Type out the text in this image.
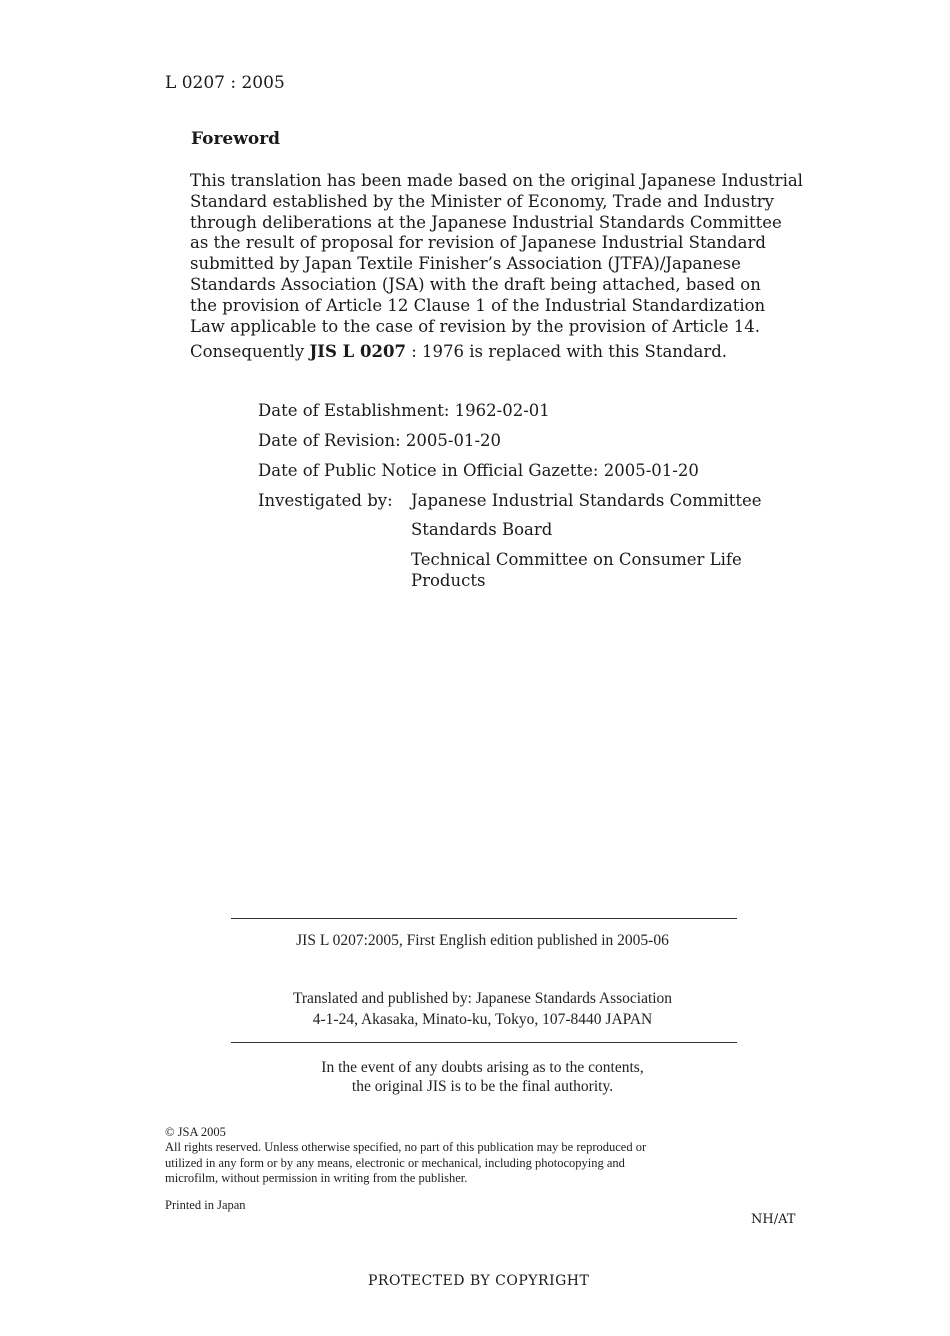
L 0207 : 2005
Foreword
This translation has been made based on the original Japanese Industrial
Standard established by the Minister of Economy, Trade and Industry
through deliberations at the Japanese Industrial Standards Committee
as the result of proposal for revision of Japanese Industrial Standard
submitted by Japan Textile Finisher’s Association (JTFA)/Japanese
Standards Association (JSA) with the draft being attached, based on
the provision of Article 12 Clause 1 of the Industrial Standardization
Law applicable to the case of revision by the provision of Article 14.
Consequently JIS L 0207 : 1976 is replaced with this Standard.
Date of Establishment: 1962-02-01
Date of Revision: 2005-01-20
Date of Public Notice in Official Gazette: 2005-01-20
Investigated by: Japanese Industrial Standards Committee
Standards Board
Technical Committee on Consumer Life
Products
JIS L 0207:2005, First English edition published in 2005-06
Translated and published by: Japanese Standards Association
4-1-24, Akasaka, Minato-ku, Tokyo, 107-8440 JAPAN
In the event of any doubts arising as to the contents,
the original JIS is to be the final authority.
© JSA 2005
All rights reserved. Unless otherwise specified, no part of this publication may be reproduced or
utilized in any form or by any means, electronic or mechanical, including photocopying and
microfilm, without permission in writing from the publisher.
Printed in Japan
NH/AT
PROTECTED BY COPYRIGHT
